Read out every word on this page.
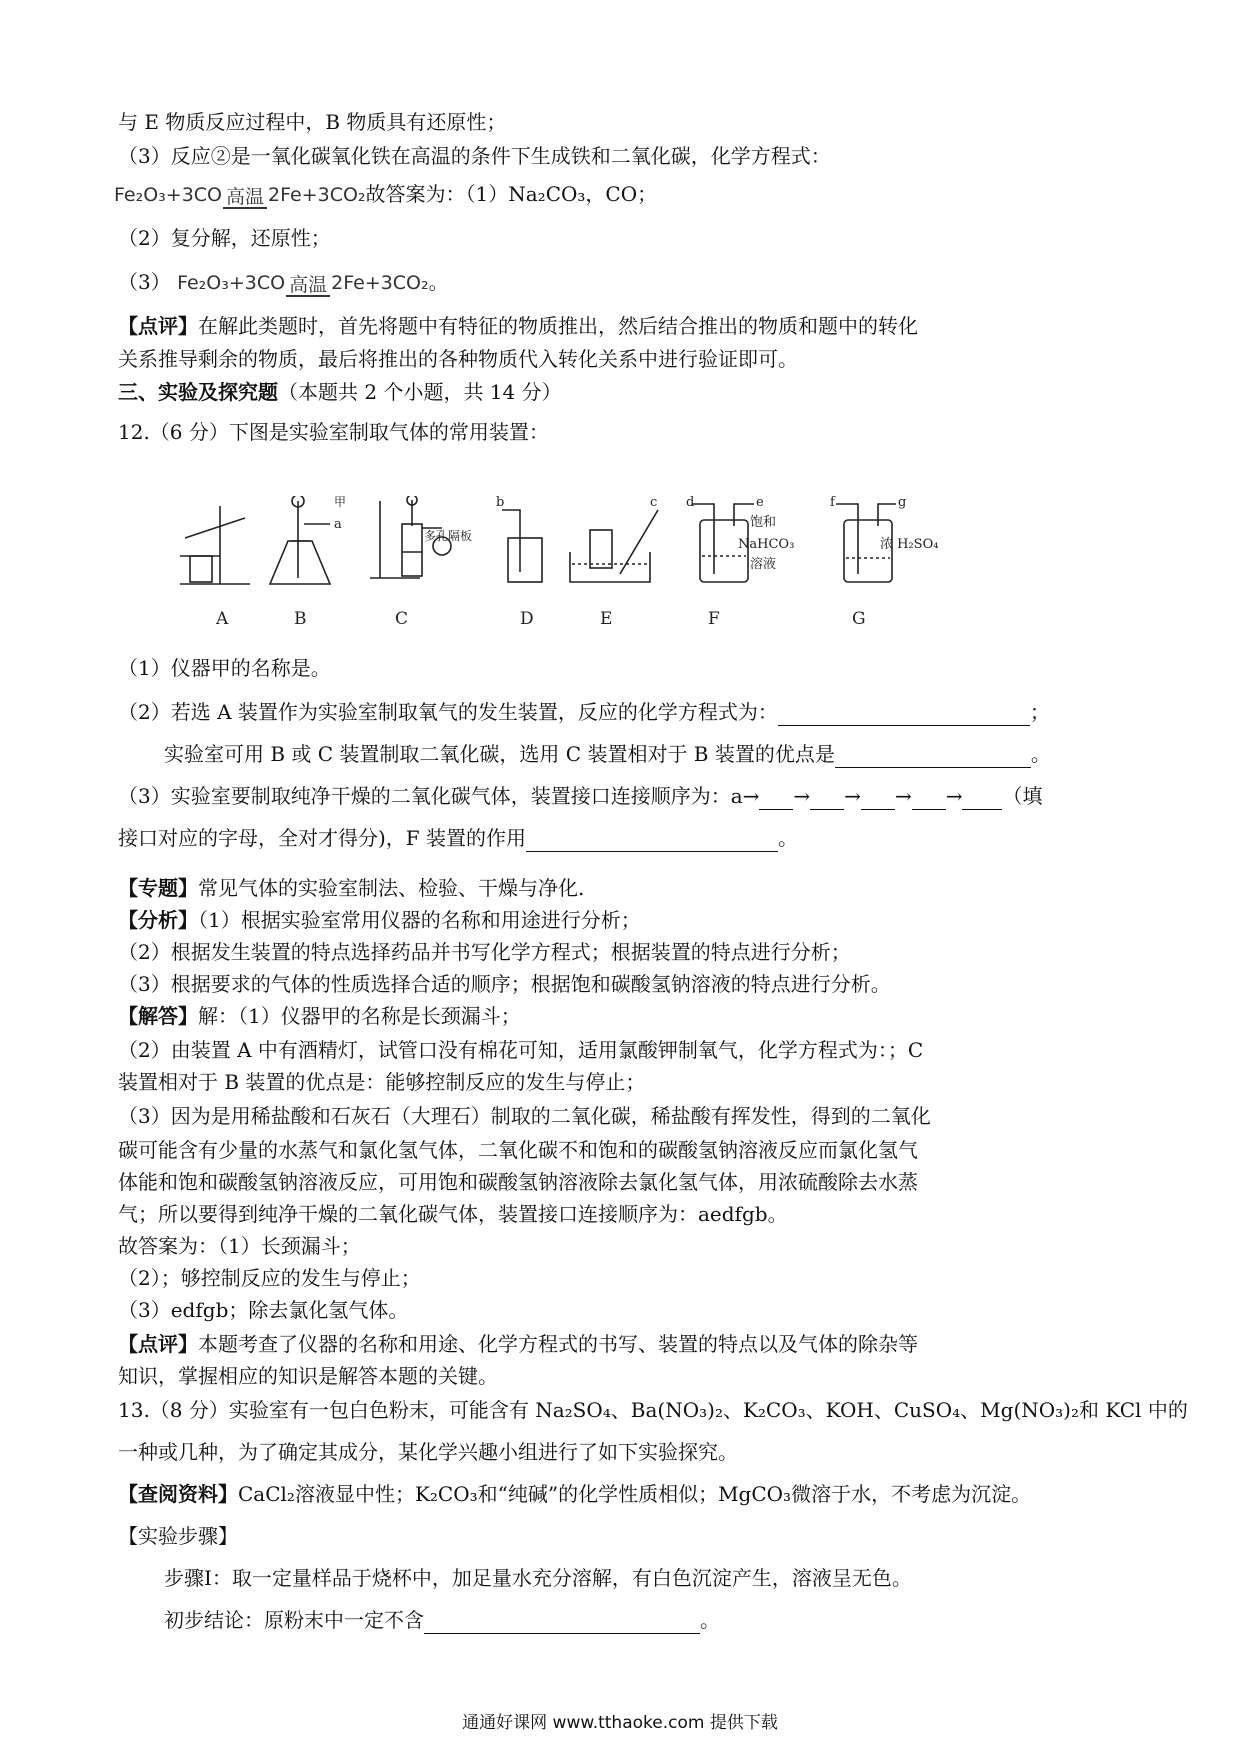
与 E 物质反应过程中，B 物质具有还原性；
（3）反应②是一氧化碳氧化铁在高温的条件下生成铁和二氧化碳，化学方程式：
Fe₂O₃+3CO 高温 2Fe+3CO₂ 故答案为：（1）Na₂CO₃，CO；
（2）复分解，还原性；
（3） Fe₂O₃+3CO 高温 2Fe+3CO₂ 。
【点评】在解此类题时，首先将题中有特征的物质推出，然后结合推出的物质和题中的转化
关系推导剩余的物质，最后将推出的各种物质代入转化关系中进行验证即可。
三、实验及探究题（本题共 2 个小题，共 14 分）
12.（6 分）下图是实验室制取气体的常用装置：
甲
a
多孔隔板
b	c d	e
饱和
NaHCO₃
溶液
f	g
浓 H₂SO₄
A	B	C	D	E	F	G
（1）仪器甲的名称是。
（2）若选 A 装置作为实验室制取氧气的发生装置，反应的化学方程式为：	；
实验室可用 B 或 C 装置制取二氧化碳，选用 C 装置相对于 B 装置的优点是	。
（3）实验室要制取纯净干燥的二氧化碳气体，装置接口连接顺序为：a→ → → → → （填
接口对应的字母，全对才得分)，F 装置的作用	。
【专题】常见气体的实验室制法、检验、干燥与净化.
【分析】（1）根据实验室常用仪器的名称和用途进行分析；
（2）根据发生装置的特点选择药品并书写化学方程式；根据装置的特点进行分析；
（3）根据要求的气体的性质选择合适的顺序；根据饱和碳酸氢钠溶液的特点进行分析。
【解答】解：（1）仪器甲的名称是长颈漏斗；
（2）由装置 A 中有酒精灯，试管口没有棉花可知，适用氯酸钾制氧气，化学方程式为：；C
装置相对于 B 装置的优点是：能够控制反应的发生与停止；
（3）因为是用稀盐酸和石灰石（大理石）制取的二氧化碳，稀盐酸有挥发性，得到的二氧化
碳可能含有少量的水蒸气和氯化氢气体，二氧化碳不和饱和的碳酸氢钠溶液反应而氯化氢气
体能和饱和碳酸氢钠溶液反应，可用饱和碳酸氢钠溶液除去氯化氢气体，用浓硫酸除去水蒸
气；所以要得到纯净干燥的二氧化碳气体，装置接口连接顺序为：aedfgb。
故答案为：（1）长颈漏斗；
（2）；够控制反应的发生与停止；
（3）edfgb；除去氯化氢气体。
【点评】本题考查了仪器的名称和用途、化学方程式的书写、装置的特点以及气体的除杂等
知识，掌握相应的知识是解答本题的关键。
13.（8 分）实验室有一包白色粉末，可能含有 Na₂SO₄、Ba(NO₃)₂、K₂CO₃、KOH、CuSO₄、Mg(NO₃)₂和 KCl 中的
一种或几种，为了确定其成分，某化学兴趣小组进行了如下实验探究。
【查阅资料】CaCl₂溶液显中性；K₂CO₃和“纯碱”的化学性质相似；MgCO₃微溶于水，不考虑为沉淀。
【实验步骤】
步骤Ⅰ：取一定量样品于烧杯中，加足量水充分溶解，有白色沉淀产生，溶液呈无色。
初步结论：原粉末中一定不含	。
通通好课网 www.tthaoke.com 提供下载
